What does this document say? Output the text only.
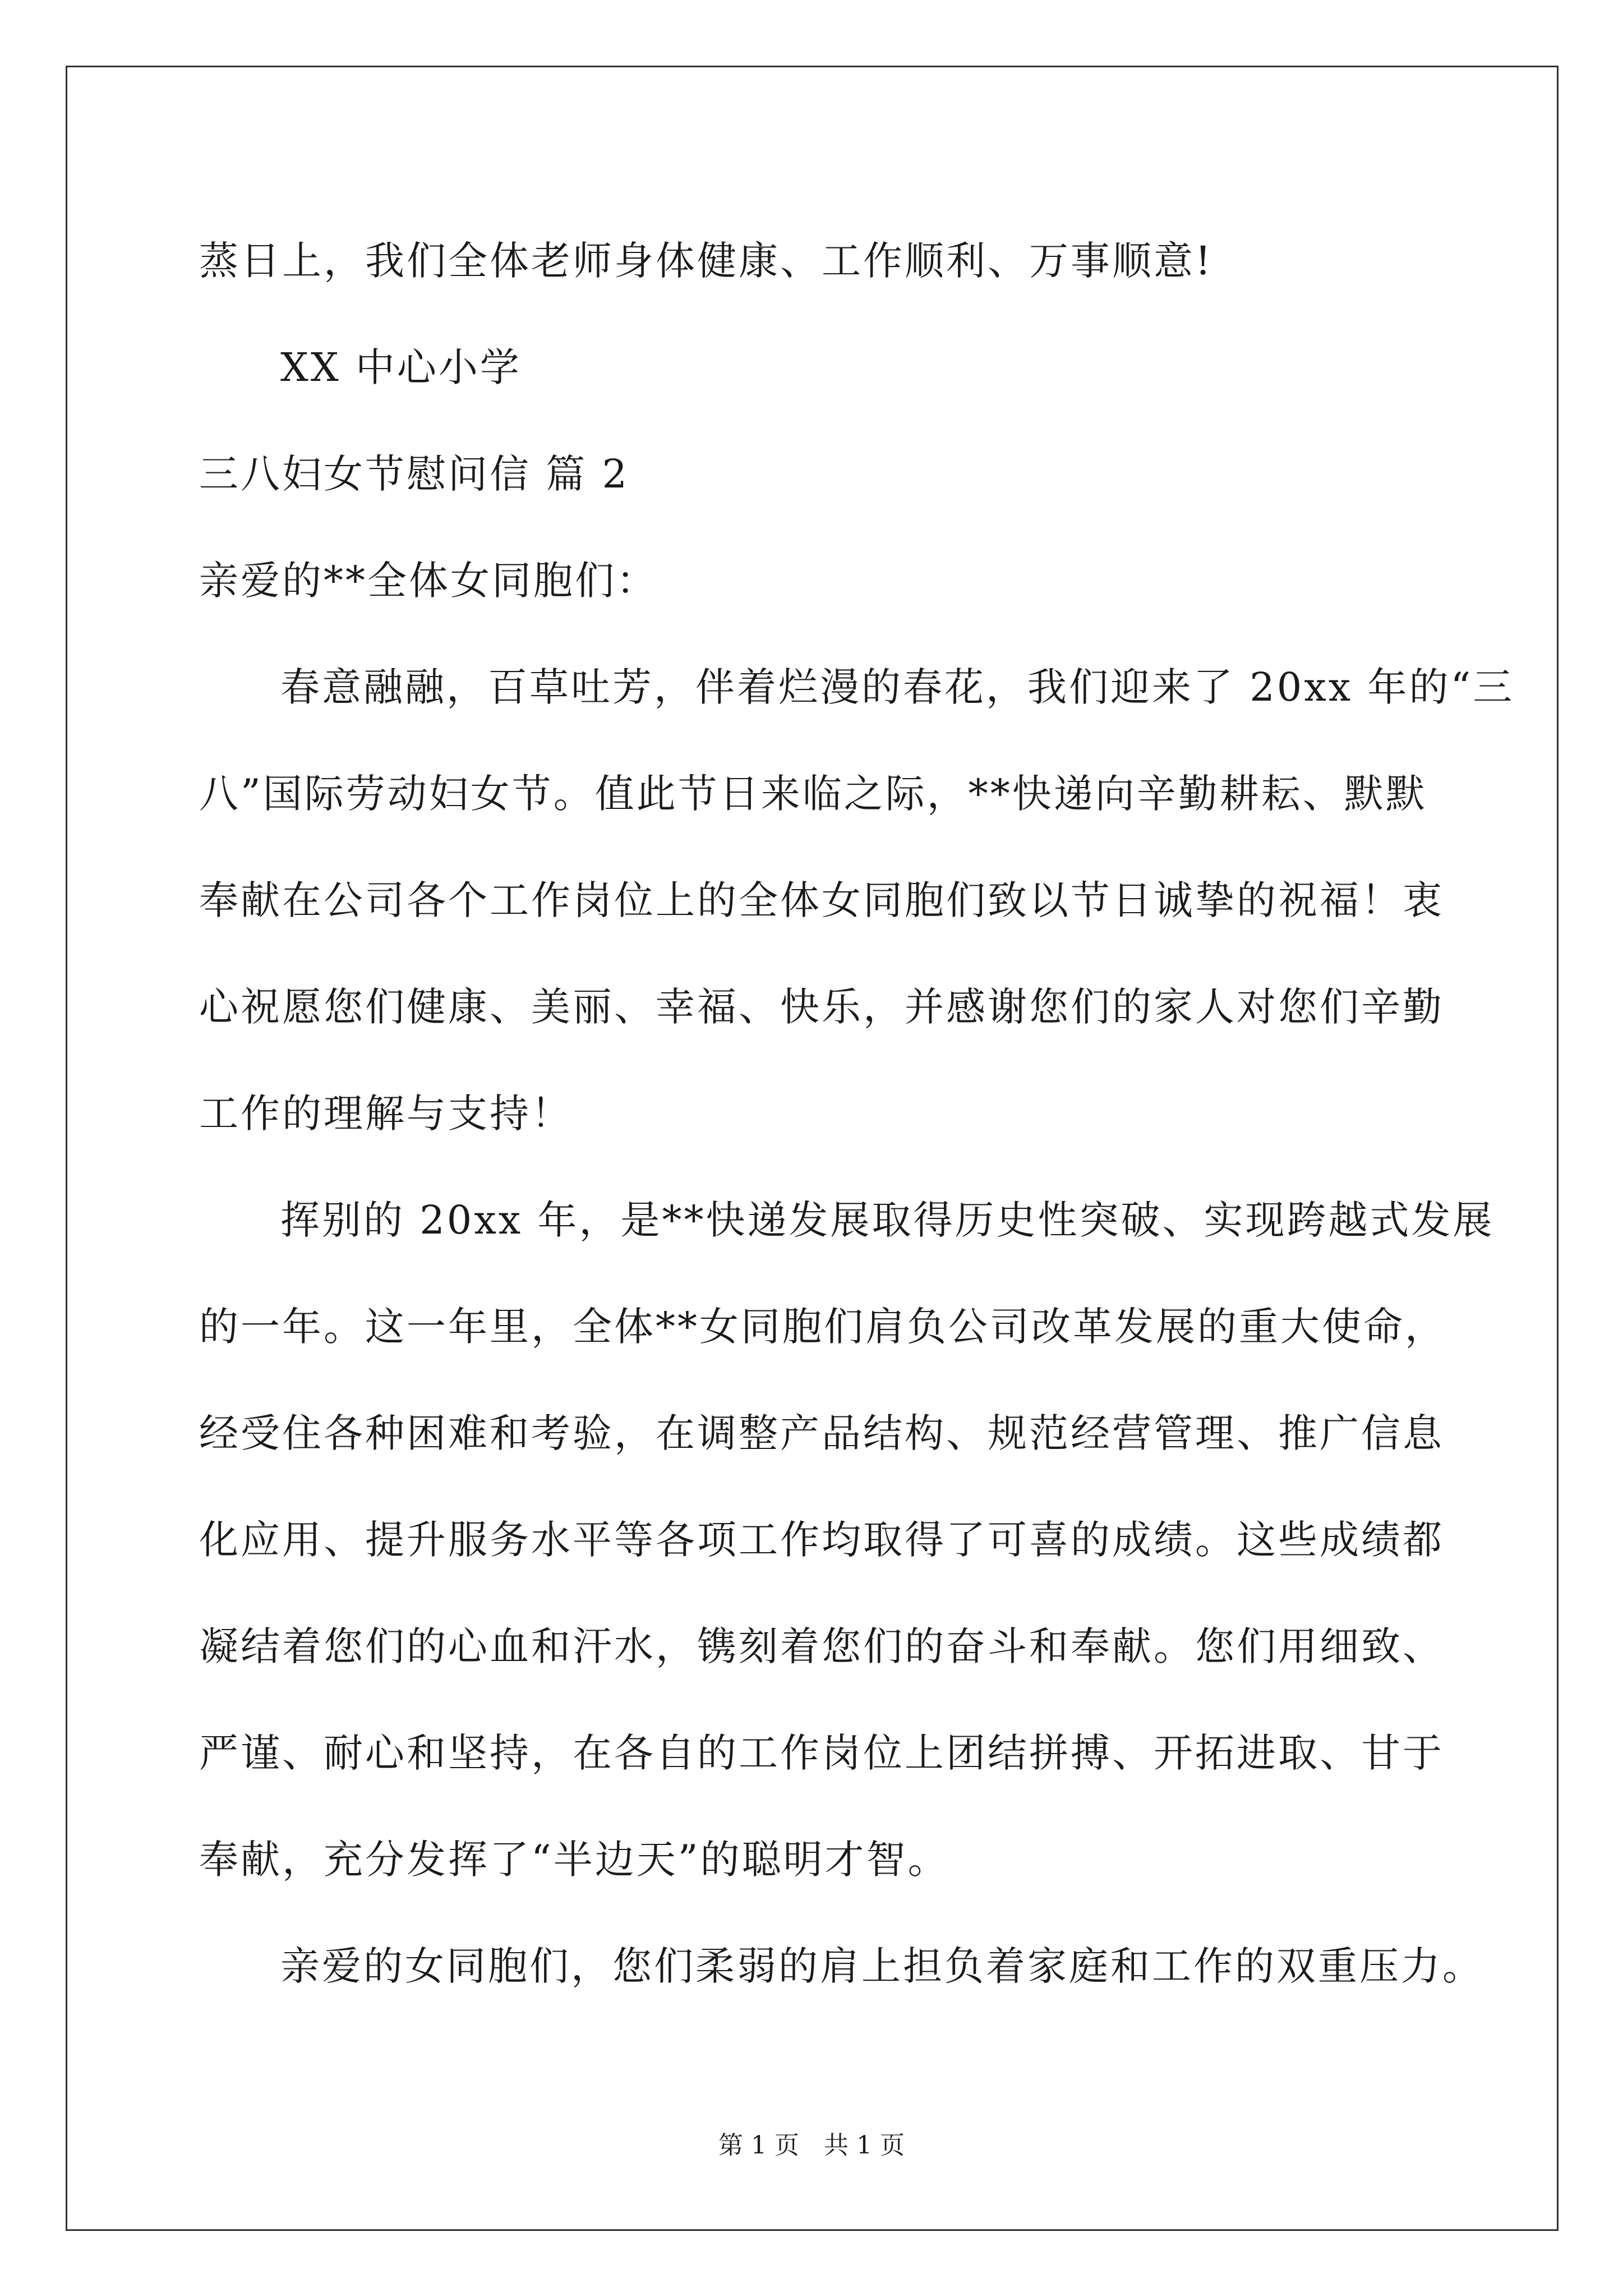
蒸日上，我们全体老师身体健康、工作顺利、万事顺意!
XX 中心小学
三八妇女节慰问信 篇 2
亲爱的**全体女同胞们：
春意融融，百草吐芳，伴着烂漫的春花，我们迎来了 20xx 年的“三
八”国际劳动妇女节。值此节日来临之际，**快递向辛勤耕耘、默默
奉献在公司各个工作岗位上的全体女同胞们致以节日诚挚的祝福！衷
心祝愿您们健康、美丽、幸福、快乐，并感谢您们的家人对您们辛勤
工作的理解与支持！
挥别的 20xx 年，是**快递发展取得历史性突破、实现跨越式发展
的一年。这一年里，全体**女同胞们肩负公司改革发展的重大使命，
经受住各种困难和考验，在调整产品结构、规范经营管理、推广信息
化应用、提升服务水平等各项工作均取得了可喜的成绩。这些成绩都
凝结着您们的心血和汗水，镌刻着您们的奋斗和奉献。您们用细致、
严谨、耐心和坚持，在各自的工作岗位上团结拼搏、开拓进取、甘于
奉献，充分发挥了“半边天”的聪明才智。
亲爱的女同胞们，您们柔弱的肩上担负着家庭和工作的双重压力。
第 1 页　共 1 页
